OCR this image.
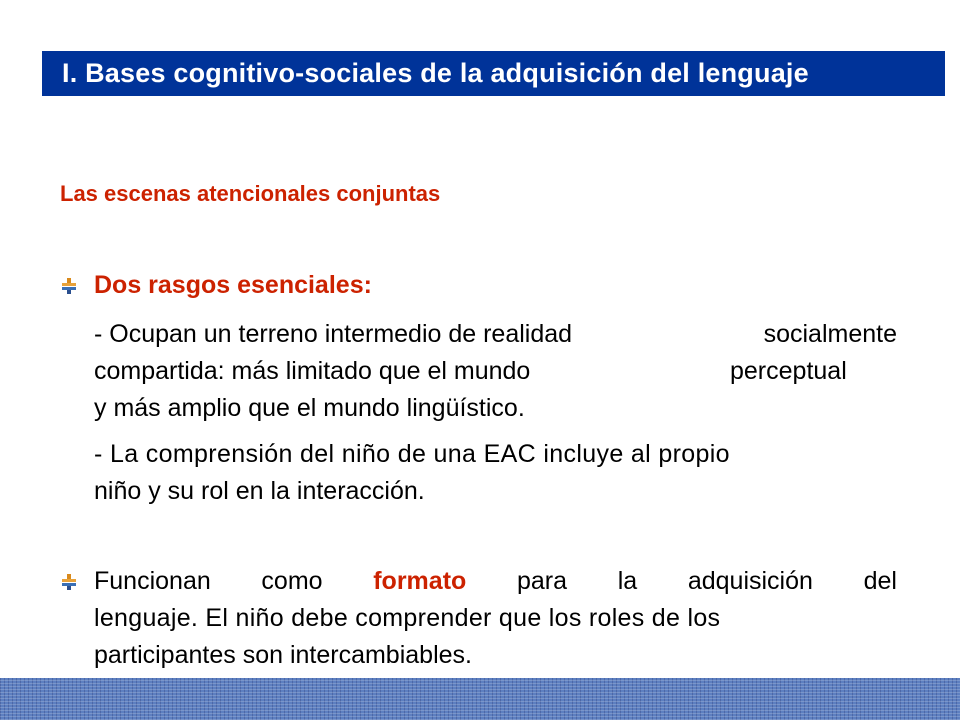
I. Bases cognitivo-sociales de la adquisición del lenguaje
Las escenas atencionales conjuntas
Dos rasgos esenciales:
- Ocupan un terreno intermedio de realidad	socialmente
compartida: más limitado que el mundo	perceptual
y más amplio que el mundo lingüístico.
- La comprensión del niño de una EAC incluye al propio
niño y su rol en la interacción.
Funcionan como formato para la adquisición del
lenguaje. El niño debe comprender que los roles de los
participantes son intercambiables.
